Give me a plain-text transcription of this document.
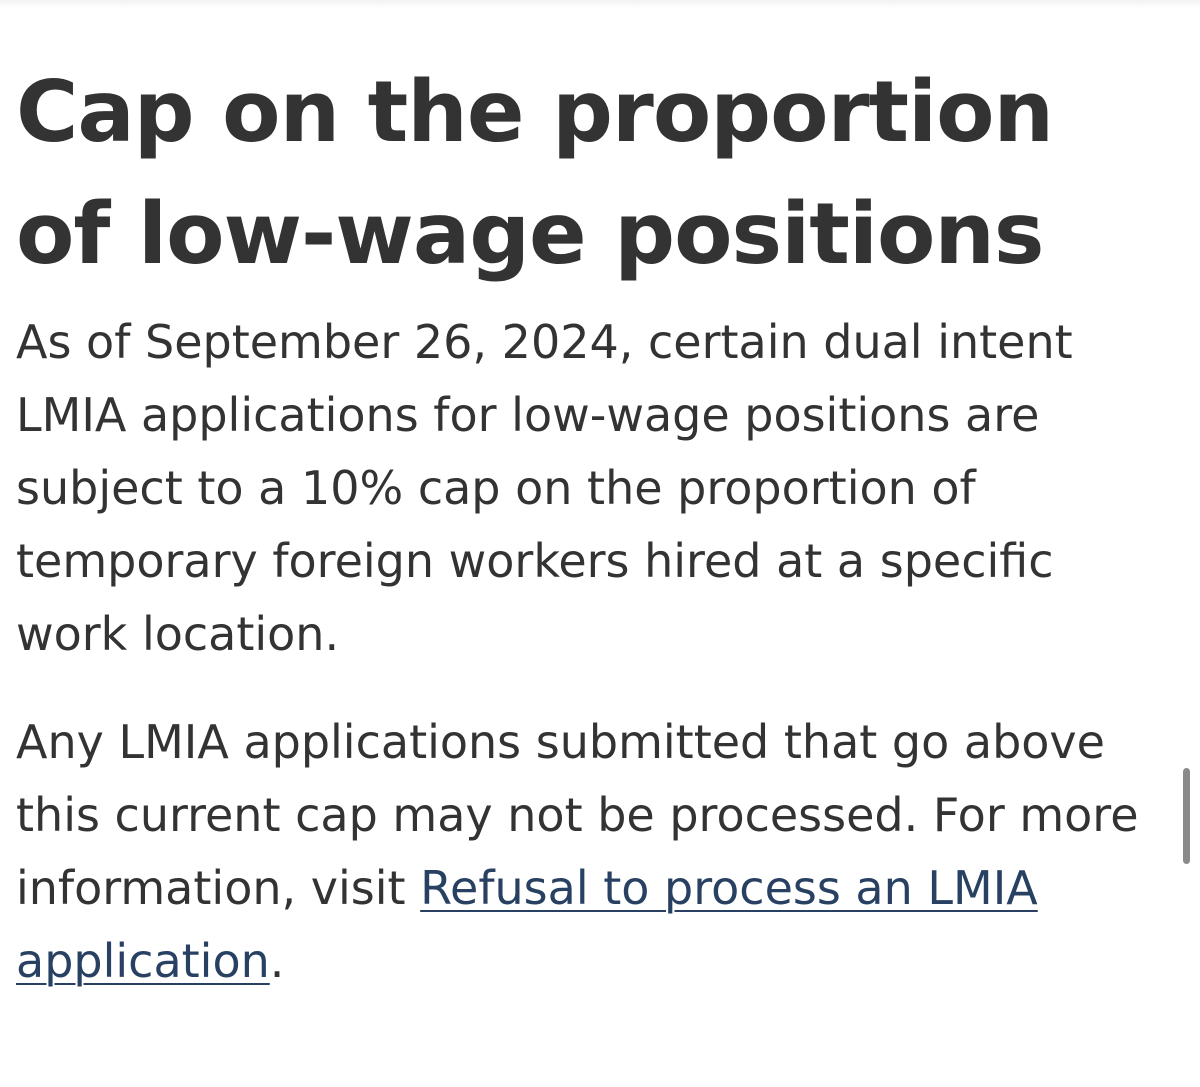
Cap on the proportion of low-wage positions

As of September 26, 2024, certain dual intent LMIA applications for low-wage positions are subject to a 10% cap on the proportion of temporary foreign workers hired at a specific work location.

Any LMIA applications submitted that go above this current cap may not be processed. For more information, visit Refusal to process an LMIA application.
